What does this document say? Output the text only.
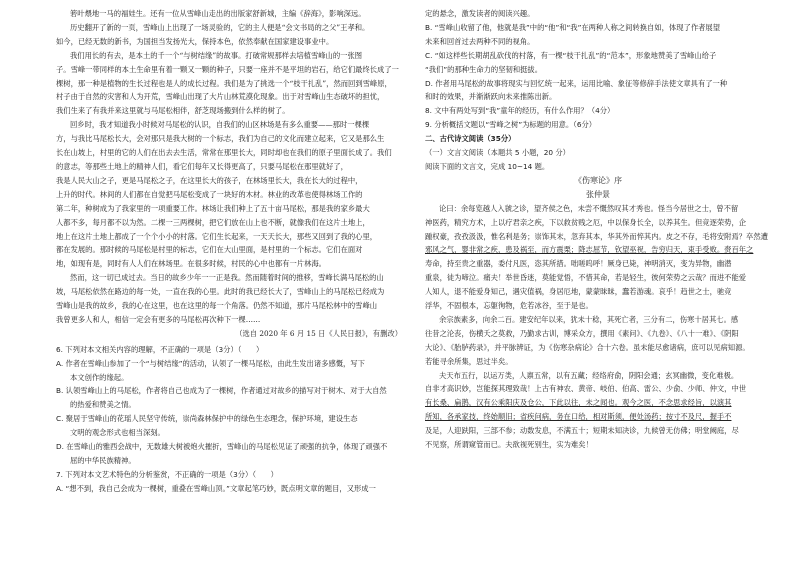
箬叶煨地一马的福娃生。还有一位从雪峰山走出的出版家舒新城，主编《辞海》，影响深远。

历史翻开了新的一页，雪峰山上出现了一场灵验的，它的主人便是“会文书局的之父”王孝和。

如今，已经无数的新书，为国担当发扬光大，保持本色，依然奉献在国家建设事业中。

我们用长的有去，是本土的千一个“与树结缘”的故事。打破常规那样去培植雪峰山的一张图

子。雪峰一带同样的本土生命里有着一颗又一颗的种子，只要一座并不是平坦的岩石，给它们最终长成了一

棵树，那一种是植物的生长过程也是人的成长过程。我们是为了挑选一个“枝干扎乱”，然而回到雪峰原，

村子由于自然的灾害和人为开荒，雪峰山出现了大片山林荒漠化现象。出于对雪峰山生态破坏的担忧，

我们生来了有我并来这里就与马尾松相伴，舒芝现场搬到什么样的树了。

回乡时，我才知道我小时候对马尾松的认识，自我们的山区林场是有多么重要——那时一棵棵

方，与我比马尾松长大，会对那只是我大树的一个标志，我们为自己的文化而建立起来，它又是那么生

长在山坡上，村里的它的人们在出去去生活，常常在那里长大，同时却也在我们的原子里面长成了。我们

的意志，等那些土地上的精神人们，看它们每年又长得更高了，只要马尾松在那里就好了，

我是人民大山之子，更是马尾松之子，在这里长大的孩子，在林场里长大，我在长大的过程中，

上升的时代。林间的人们都在自觉把马尾松变成了一块好的木材。林业的改革也使得林场工作的

第二年，种树成为了我家里的一项重要工作。林场让我们种上了五十亩马尾松，那是我的家乡最大

人都不多，每月都不以为然。二棵一三两棵树，把它们放在山上也不断，就像我们在这片土地上，

地上在这片土地上都成了一个个小小的村落。它们生长起来，一天天长大，那些又回到了我的心里，

都在发展的。那时候的马尾松是村里的标志，它们在大山里面，是村里的一个标志。它们在面对

地，如现有是，同时有人人们在林场里。在很多时候，村民的心中也都有一片林海。

然而，这一切已成过去。当日的故乡少年一一正是我。然而随着时间的推移，雪峰长满马尾松的山

坡，马尾松依然在路边的每一处，一直在我的心里。此时的我已经长大了，雪峰山上的马尾松已经成为

雪峰山是我的故乡，我的心在这里，也在这里的每一个角落。仍然不知道，那片马尾松林中的雪峰山

我曾更多人和人，相信一定会有更多的马尾松再次种下一棵……

（选自 2020 年 6 月 15 日《人民日报》，有删改）

6. 下列对本文相关内容的理解，不正确的一项是（3分）（　　）

A. 作者在雪峰山参加了一个“与树结缘”的活动，认领了一棵马尾松，由此生发出诸多感慨，写下

本文创作的缘起。

B. 认领雪峰山上的马尾松，作者将自己也成为了一棵树，作者通过对故乡的描写对于树木、对于大自然

的热爱和赞美之情。

C. 聚居于雪峰山的花瑶人民坚守传统，崇尚森林保护中的绿色生态理念，保护环境，建设生态

文明的观念形式也相当深刻。

D. 在雪峰山的雅西会战中，无数雄大树被炮火摧折，雪峰山的马尾松见证了顽强的抗争，体现了顽强不

屈的中华民族精神。

7. 下列对本文艺术特色的分析鉴赏，不正确的一项是（3分）（　　）

A. “想不到，我自己会成为一棵树，重叠在雪峰山顶。”文章起笔巧妙，既点明文章的题目，又形成一

定的悬念，激发读者的阅读兴趣。

B. “雪峰山收留了他，他就是我”中的“他”和“我”在两种人称之间转换自如，体现了作者展望

未来和回首过去两种不同的视角。

C. “如这样些长期胡乱砍伐的村落，有一棵“枝干扎乱”的“范本”，形象地赞美了雪峰山给子

“我们”的那种生命力的坚韧和挺拔。

D. 作者用马尾松的故事将现实与回忆统一起来，运用比喻、象征等修辞手法使文章具有了一种

和时的效果，并渐渐跃向未来推陈出新。

8. 文中有两处写到“我”童年的经历，有什么作用？（4分）

9. 分析概括文题以“雪峰之树”为标题的用意。（6分）

二、古代诗文阅读（35分）

（一）文言文阅读（本题共 5 小题，20 分）

阅读下面的文言文，完成 10~14 题。

《伤寒论》序

张仲景

论曰：余每览越人入虢之诊，望齐侯之色，未尝不慨然叹其才秀也。怪当今居世之士，曾不留

神医药，精究方术，上以疗君亲之疾，下以救贫贱之厄，中以保身长全，以养其生。但竞逐荣势，企

踵权豪，孜孜汲汲，惟名利是务；崇饰其末，忽弃其本，华其外而悴其内。皮之不存，毛将安附焉？卒然遭

邪风之气，婴非常之疾，患及祸至，而方震栗；降志屈节，钦望巫祝，告穷归天，束手受败。赍百年之

寿命，持至贵之重器，委付凡医，恣其所措。咄嗟呜呼！厥身已毙，神明消灭，变为异物，幽潜

重泉，徒为啼泣。痛夫！举世昏迷，莫能觉悟，不惜其命，若是轻生，彼何荣势之云哉？而进不能爱

人知人，退不能爱身知己，遇灾值祸，身居厄地，蒙蒙昧昧，蠢若游魂。哀乎！趋世之士，驰竞

浮华，不固根本，忘躯徇物，危若冰谷，至于是也。

余宗族素多，向余二百。建安纪年以来，犹未十稔，其死亡者，三分有二，伤寒十居其七。感

往昔之沦丧，伤横夭之莫救，乃勤求古训，博采众方，撰用《素问》、《九卷》、《八十一难》、《阴阳

大论》、《胎胪药录》，并平脉辨证，为《伤寒杂病论》合十六卷。虽未能尽愈诸病，庶可以见病知源。

若能寻余所集，思过半矣。

夫天布五行，以运万类，人禀五常，以有五藏；经络府俞，阴阳会通；玄冥幽微，变化难极。

自非才高识妙，岂能探其理致哉！上古有神农、黄帝、岐伯、伯高、雷公、少俞、少师、仲文，中世

有长桑、扁鹊，汉有公乘阳庆及仓公，下此以往，未之闻也。观今之医，不念思求经旨，以演其

所知，各承家技，终始顺旧；省疾问病，务在口给，相对斯须，便处汤药；按寸不及尺，握手不

及足，人迎趺阳，三部不参；动数发息，不满五十；短期未知决诊，九候曾无仿佛；明堂阙庭，尽

不见察，所谓窥管而已。夫欲视死别生，实为难矣！
